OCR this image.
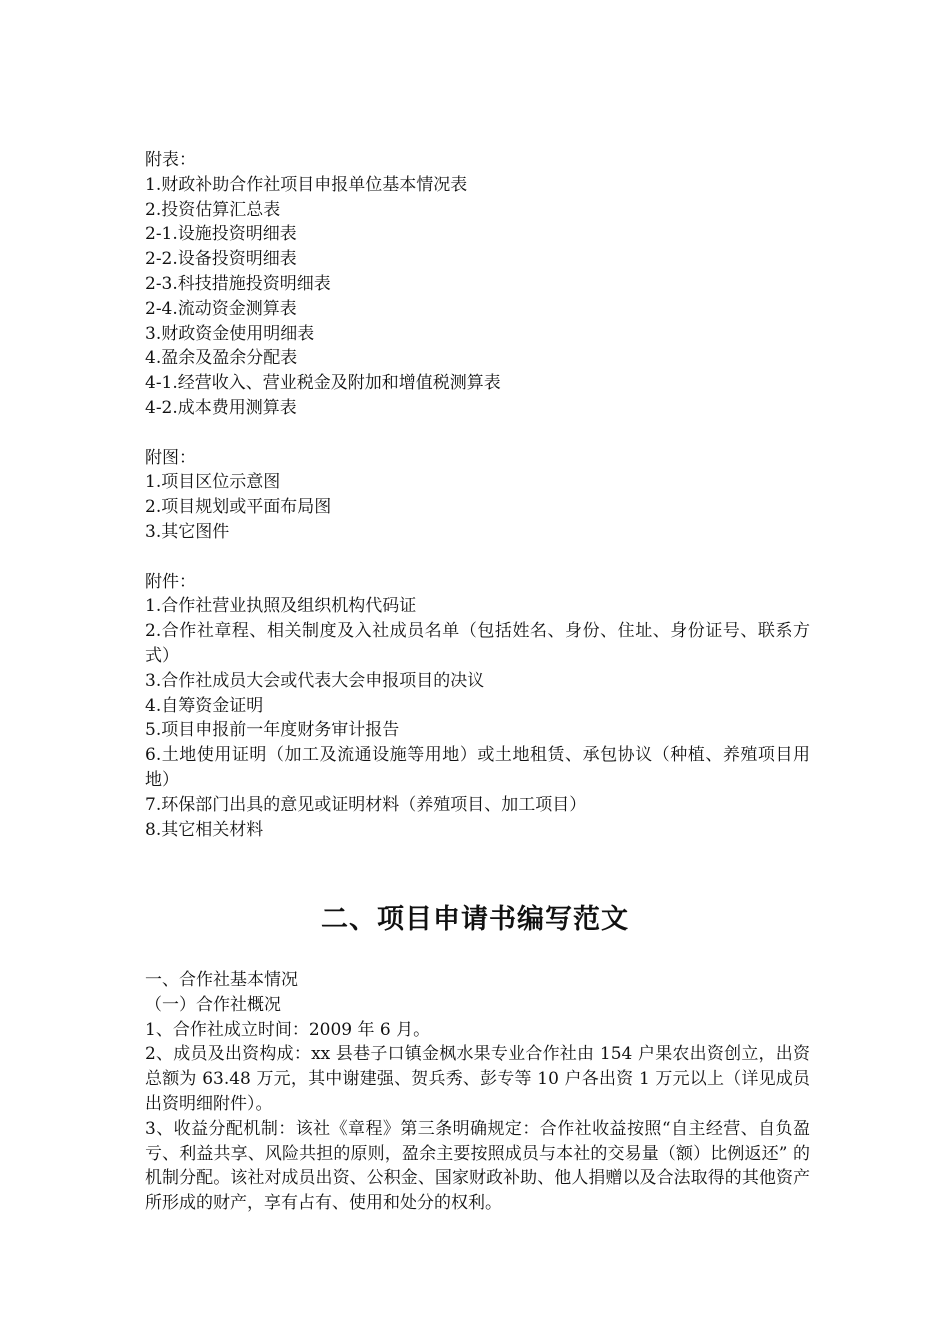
附表：
1.财政补助合作社项目申报单位基本情况表
2.投资估算汇总表
2-1.设施投资明细表
2-2.设备投资明细表
2-3.科技措施投资明细表
2-4.流动资金测算表
3.财政资金使用明细表
4.盈余及盈余分配表
4-1.经营收入、营业税金及附加和增值税测算表
4-2.成本费用测算表
附图：
1.项目区位示意图
2.项目规划或平面布局图
3.其它图件
附件：
1.合作社营业执照及组织机构代码证
2.合作社章程、相关制度及入社成员名单（包括姓名、身份、住址、身份证号、联系方式）
3.合作社成员大会或代表大会申报项目的决议
4.自筹资金证明
5.项目申报前一年度财务审计报告
6.土地使用证明（加工及流通设施等用地）或土地租赁、承包协议（种植、养殖项目用地）
7.环保部门出具的意见或证明材料（养殖项目、加工项目）
8.其它相关材料
二、项目申请书编写范文
一、合作社基本情况
（一）合作社概况
1、合作社成立时间：2009 年 6 月。
2、成员及出资构成：xx 县巷子口镇金枫水果专业合作社由 154 户果农出资创立，出资总额为 63.48 万元，其中谢建强、贺兵秀、彭专等 10 户各出资 1 万元以上（详见成员出资明细附件）。
3、收益分配机制：该社《章程》第三条明确规定：合作社收益按照“自主经营、自负盈亏、利益共享、风险共担的原则，盈余主要按照成员与本社的交易量（额）比例返还” 的机制分配。该社对成员出资、公积金、国家财政补助、他人捐赠以及合法取得的其他资产所形成的财产，享有占有、使用和处分的权利。
